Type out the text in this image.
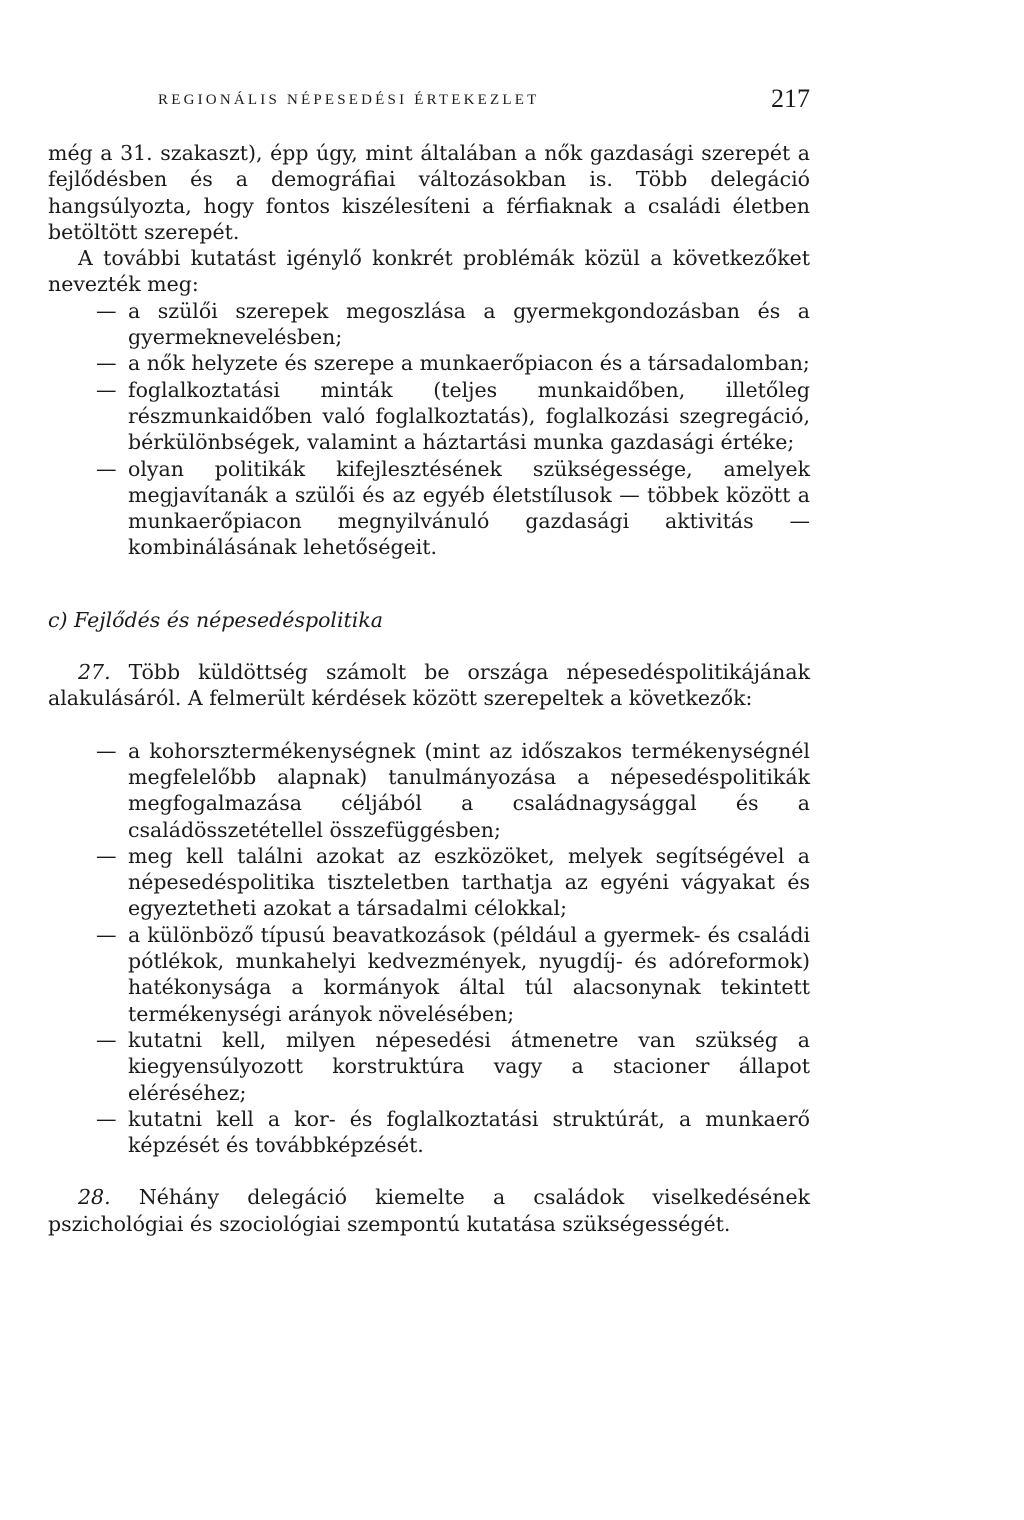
REGIONÁLIS NÉPESEDÉSI ÉRTEKEZLET	217

még a 31. szakaszt), épp úgy, mint általában a nők gazdasági szerepét a fejlődésben és a demográfiai változásokban is. Több delegáció hangsúlyozta, hogy fontos kiszélesíteni a férfiaknak a családi életben betöltött szerepét.

A további kutatást igénylő konkrét problémák közül a következőket nevezték meg:

— a szülői szerepek megoszlása a gyermekgondozásban és a gyermeknevelésben;
— a nők helyzete és szerepe a munkaerőpiacon és a társadalomban;
— foglalkoztatási minták (teljes munkaidőben, illetőleg részmunkaidőben való foglalkoztatás), foglalkozási szegregáció, bérkülönbségek, valamint a háztartási munka gazdasági értéke;
— olyan politikák kifejlesztésének szükségessége, amelyek megjavítanák a szülői és az egyéb életstílusok — többek között a munkaerőpiacon megnyilvánuló gazdasági aktivitás — kombinálásának lehetőségeit.

c) Fejlődés és népesedéspolitika

27. Több küldöttség számolt be országa népesedéspolitikájának alakulásáról. A felmerült kérdések között szerepeltek a következők:

— a kohorsztermékenységnek (mint az időszakos termékenységnél megfelelőbb alapnak) tanulmányozása a népesedéspolitikák megfogalmazása céljából a családnagysággal és a családösszetétellel összefüggésben;
— meg kell találni azokat az eszközöket, melyek segítségével a népesedéspolitika tiszteletben tarthatja az egyéni vágyakat és egyeztetheti azokat a társadalmi célokkal;
— a különböző típusú beavatkozások (például a gyermek- és családi pótlékok, munkahelyi kedvezmények, nyugdíj- és adóreformok) hatékonysága a kormányok által túl alacsonynak tekintett termékenységi arányok növelésében;
— kutatni kell, milyen népesedési átmenetre van szükség a kiegyensúlyozott korstruktúra vagy a stacioner állapot eléréséhez;
— kutatni kell a kor- és foglalkoztatási struktúrát, a munkaerő képzését és továbbképzését.

28. Néhány delegáció kiemelte a családok viselkedésének pszichológiai és szociológiai szempontú kutatása szükségességét.
